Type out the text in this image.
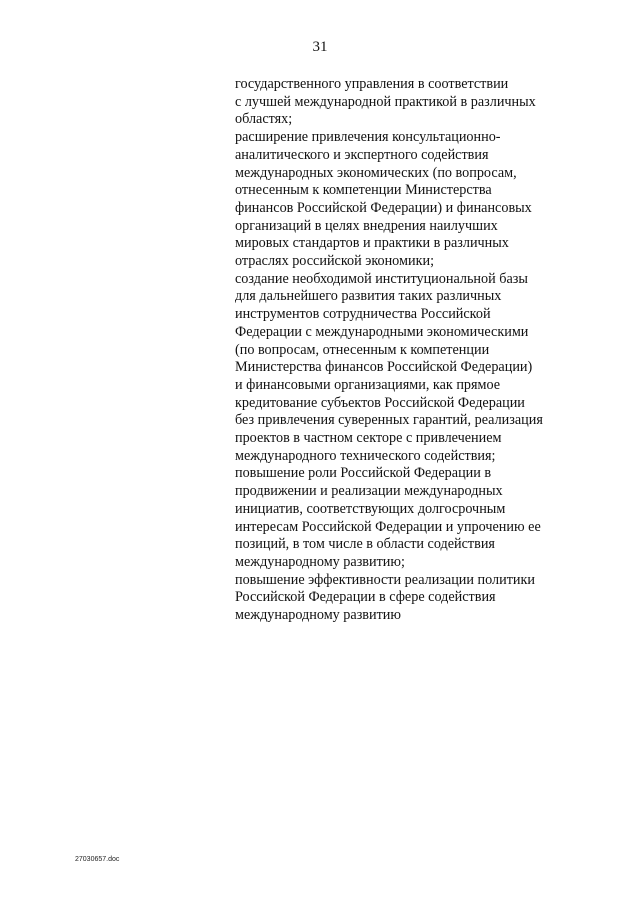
31
государственного управления в соответствии
с лучшей международной практикой в различных
областях;
расширение привлечения консультационно-
аналитического и экспертного содействия
международных экономических (по вопросам,
отнесенным к компетенции Министерства
финансов Российской Федерации) и финансовых
организаций в целях внедрения наилучших
мировых стандартов и практики в различных
отраслях российской экономики;
создание необходимой институциональной базы
для дальнейшего развития таких различных
инструментов сотрудничества Российской
Федерации с международными экономическими
(по вопросам, отнесенным к компетенции
Министерства финансов Российской Федерации)
и финансовыми организациями, как прямое
кредитование субъектов Российской Федерации
без привлечения суверенных гарантий, реализация
проектов в частном секторе с привлечением
международного технического содействия;
повышение роли Российской Федерации в
продвижении и реализации международных
инициатив, соответствующих долгосрочным
интересам Российской Федерации и упрочению ее
позиций, в том числе в области содействия
международному развитию;
повышение эффективности реализации политики
Российской Федерации в сфере содействия
международному развитию
27030657.doc
